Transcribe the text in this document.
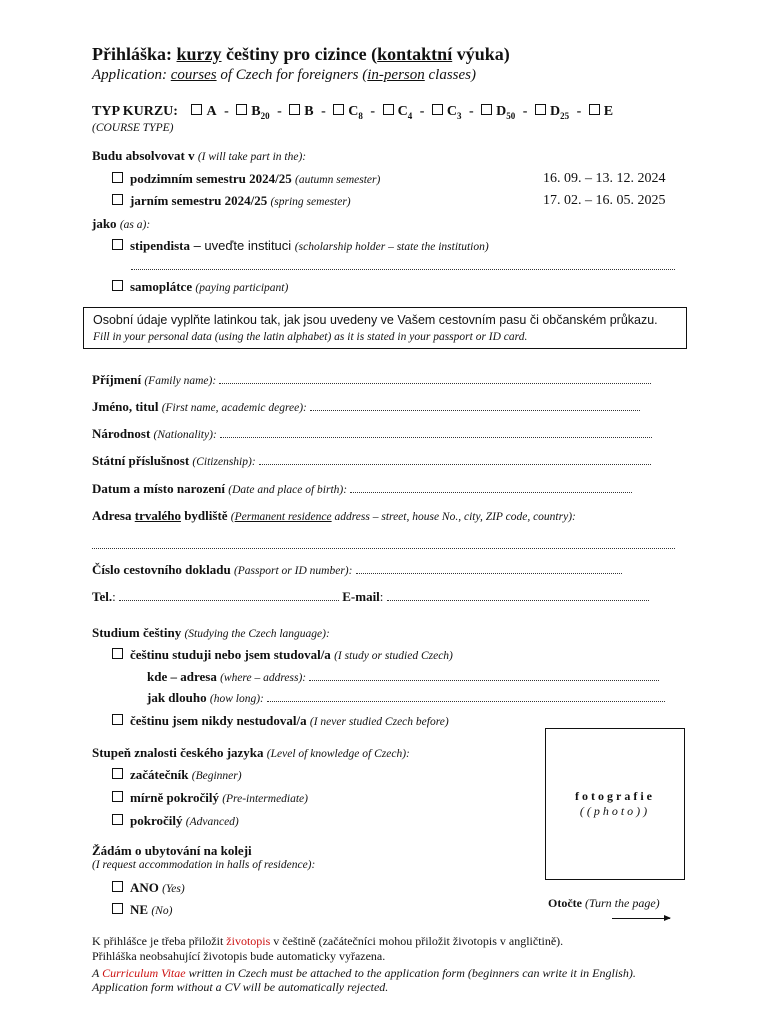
Přihláška: kurzy češtiny pro cizince (kontaktní výuka)
Application: courses of Czech for foreigners (in-person classes)
TYP KURZU: A - $B_{20}$ - B - $C_8 - C_4 - C_3 - D_{50} - D_{25}$ - E
(COURSE TYPE)
Budu absolvovat v (I will take part in the):
podzimním semestru 2024/25 (autumn semester)	16. 09. – 13. 12. 2024
jarním semestru 2024/25 (spring semester)	17. 02. – 16. 05. 2025
jako (as a):
stipendista – uveďte instituci (scholarship holder – state the institution)
samoplátce (paying participant)
Osobní údaje vyplňte latinkou tak, jak jsou uvedeny ve Vašem cestovním pasu či občanském průkazu.
Fill in your personal data (using the latin alphabet) as it is stated in your passport or ID card.
Příjmení (Family name):
Jméno, titul (First name, academic degree):
Národnost (Nationality):
Státní příslušnost (Citizenship):
Datum a místo narození (Date and place of birth):
Adresa trvalého bydliště (Permanent residence address – street, house No., city, ZIP code, country):
Číslo cestovního dokladu (Passport or ID number):
Tel.:	E-mail:
Studium češtiny (Studying the Czech language):
češtinu studuji nebo jsem studoval/a (I study or studied Czech)
kde – adresa (where – address):
jak dlouho (how long):
češtinu jsem nikdy nestudoval/a (I never studied Czech before)
Stupeň znalosti českého jazyka (Level of knowledge of Czech):
začátečník (Beginner)
mírně pokročilý (Pre-intermediate)
pokročilý (Advanced)
fotografie
((photo))
Žádám o ubytování na koleji
(I request accommodation in halls of residence):
ANO (Yes)
NE (No)
Otočte (Turn the page)
K přihlášce je třeba přiložit životopis v češtině (začátečníci mohou přiložit životopis v angličtině).
Přihláška neobsahující životopis bude automaticky vyřazena.
A Curriculum Vitae written in Czech must be attached to the application form (beginners can write it in English).
Application form without a CV will be automatically rejected.
